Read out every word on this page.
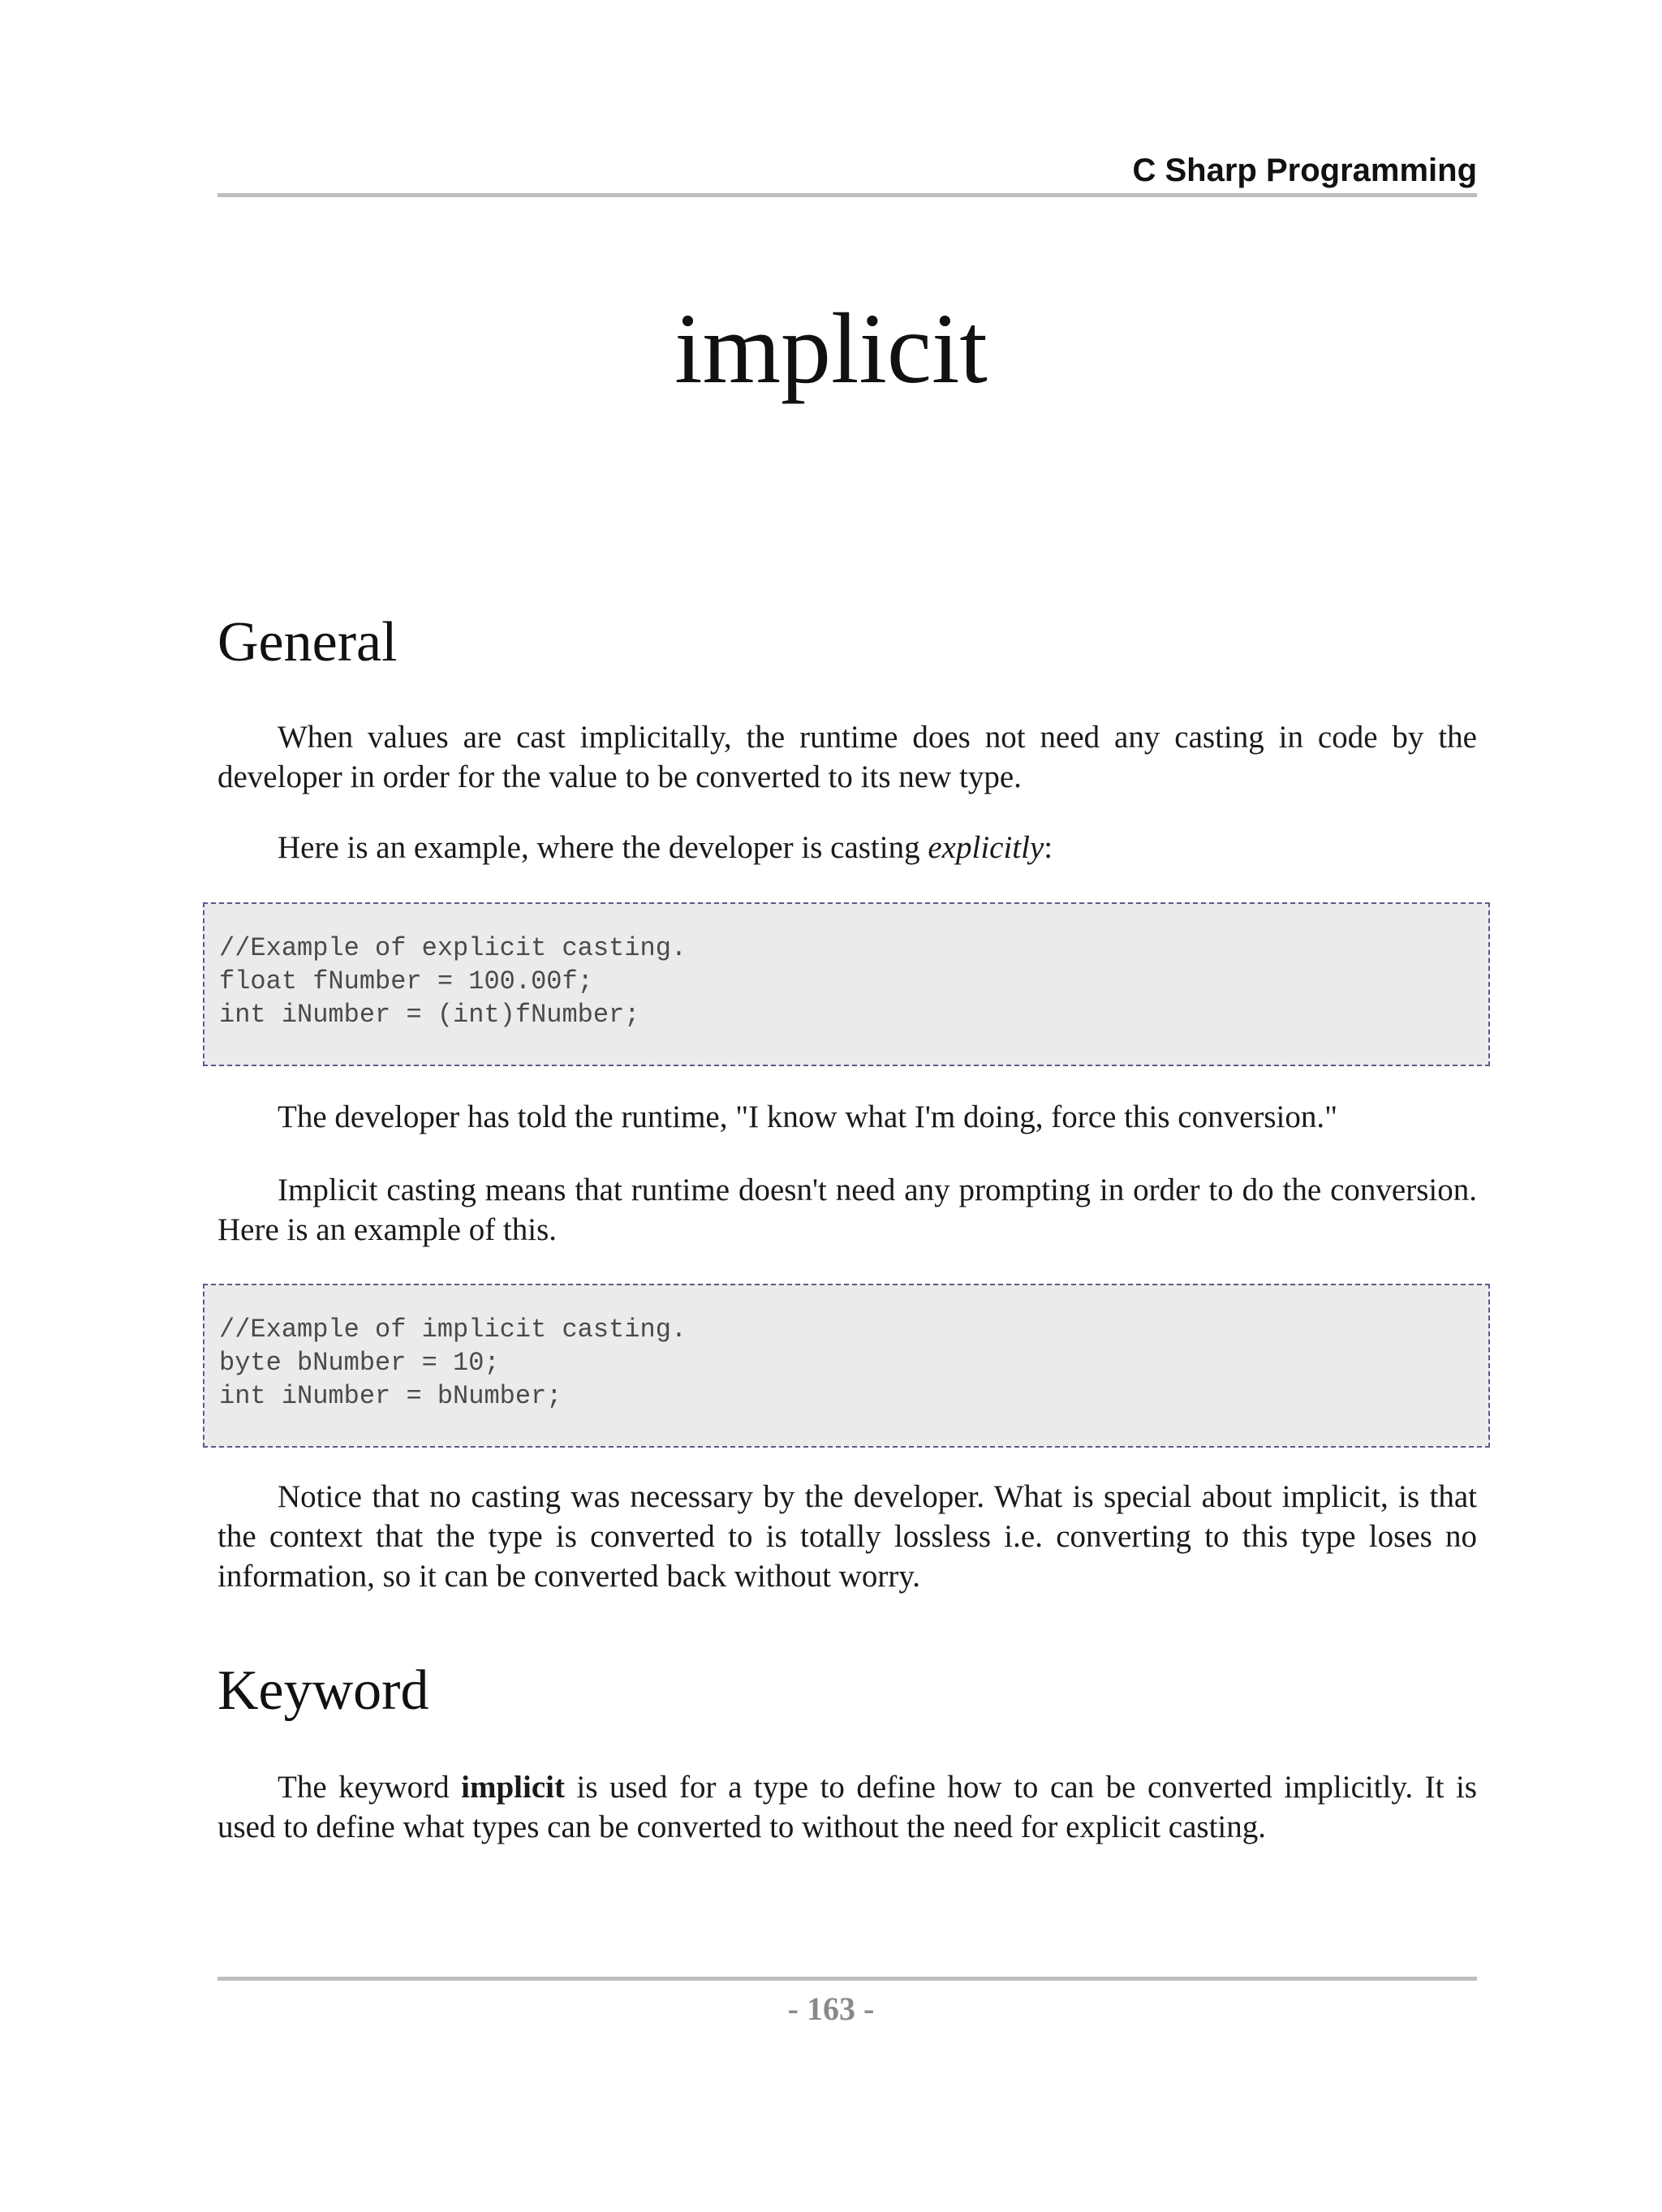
C Sharp Programming
implicit
General
When values are cast implicitally, the runtime does not need any casting in code by the developer in order for the value to be converted to its new type.
Here is an example, where the developer is casting explicitly:
//Example of explicit casting.
float fNumber = 100.00f;
int iNumber = (int)fNumber;
The developer has told the runtime, "I know what I'm doing, force this conversion."
Implicit casting means that runtime doesn't need any prompting in order to do the conversion. Here is an example of this.
//Example of implicit casting.
byte bNumber = 10;
int iNumber = bNumber;
Notice that no casting was necessary by the developer. What is special about implicit, is that the context that the type is converted to is totally lossless i.e. converting to this type loses no information, so it can be converted back without worry.
Keyword
The keyword implicit is used for a type to define how to can be converted implicitly. It is used to define what types can be converted to without the need for explicit casting.
- 163 -
